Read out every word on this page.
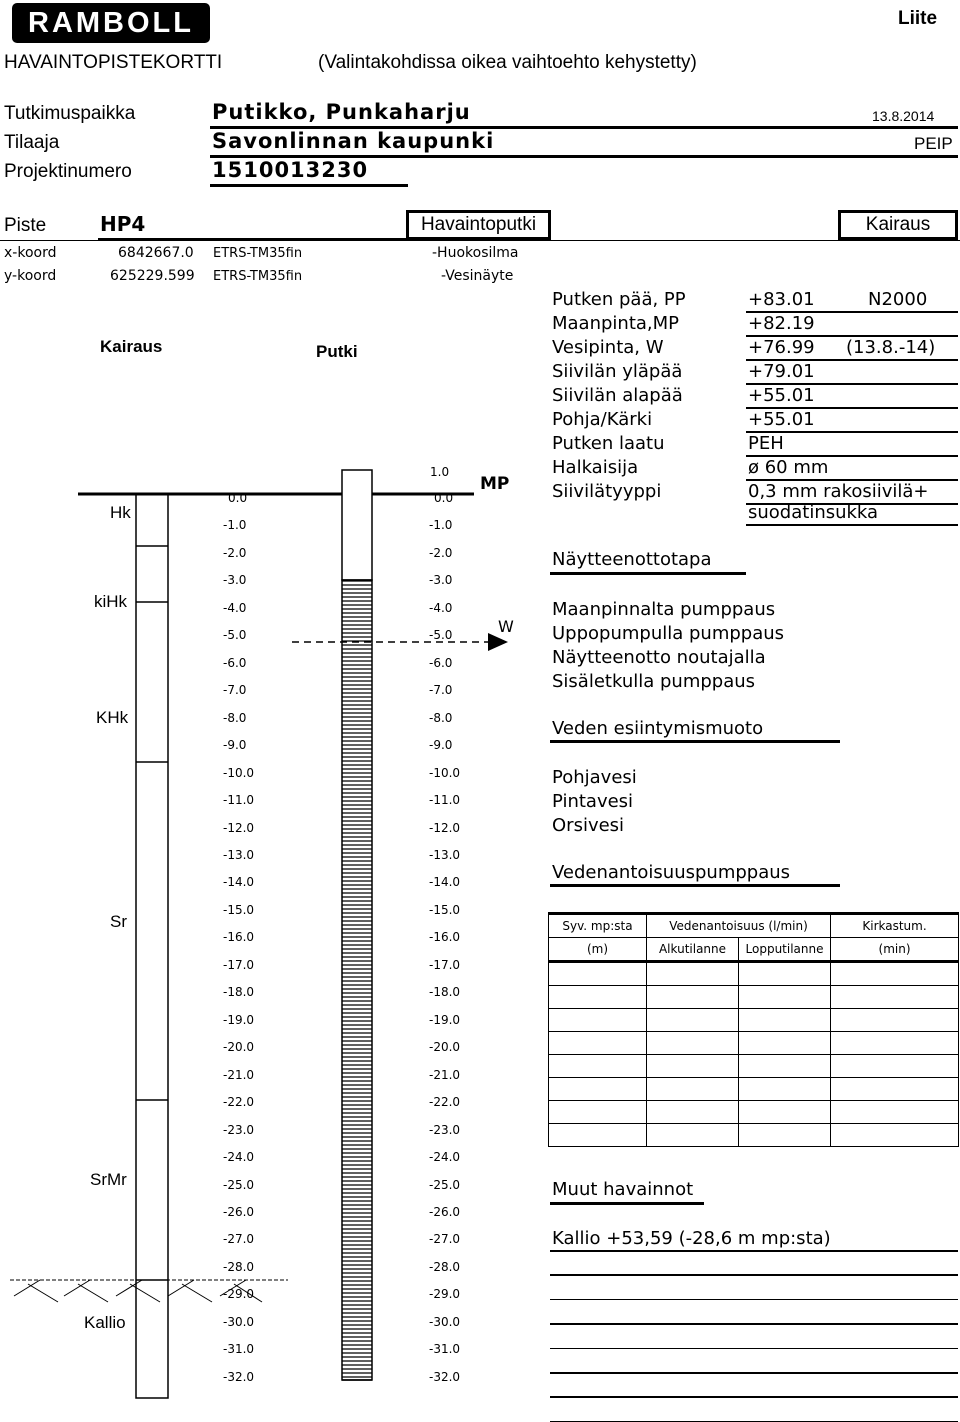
RAMBOLL	Liite
HAVAINTOPISTEKORTTI	(Valintakohdissa oikea vaihtoehto kehystetty)
Tutkimuspaikka	Putikko, Punkaharju	13.8.2014
Tilaaja	Savonlinnan kaupunki	PEIP
Projektinumero	1510013230
Piste	HP4	Havaintoputki	Kairaus
x-koord	6842667.0 ETRS-TM35fin	-Huokosilma
y-koord	625229.599 ETRS-TM35fin	-Vesinäyte
Kairaus	Putki
MP
W
1.0
Hk
kiHk
KHk
Sr
SrMr
Kallio
0.0	0.0
-1.0	-1.0
-2.0	-2.0
-3.0	-3.0
-4.0	-4.0
-5.0	-5.0
-6.0	-6.0
-7.0	-7.0
-8.0	-8.0
-9.0	-9.0
-10.0	-10.0
-11.0	-11.0
-12.0	-12.0
-13.0	-13.0
-14.0	-14.0
-15.0	-15.0
-16.0	-16.0
-17.0	-17.0
-18.0	-18.0
-19.0	-19.0
-20.0	-20.0
-21.0	-21.0
-22.0	-22.0
-23.0	-23.0
-24.0	-24.0
-25.0	-25.0
-26.0	-26.0
-27.0	-27.0
-28.0	-28.0
-29.0	-29.0
-30.0	-30.0
-31.0	-31.0
-32.0	-32.0
Putken pää, PP	+83.01	N2000
Maanpinta,MP	+82.19
Vesipinta, W	+76.99 (13.8.-14)
Siivilän yläpää	+79.01
Siivilän alapää	+55.01
Pohja/Kärki	+55.01
Putken laatu	PEH
Halkaisija	ø 60 mm
Siivilätyyppi	0,3 mm rakosiivilä+
suodatinsukka
Näytteenottotapa
Maanpinnalta pumppaus
Uppopumpulla pumppaus
Näytteenotto noutajalla
Sisäletkulla pumppaus
Veden esiintymismuoto
Pohjavesi
Pintavesi
Orsivesi
Vedenantoisuuspumppaus
Syv. mp:sta	Vedenantoisuus (l/min)		Kirkastum.
(m)	Alkutilanne	Lopputilanne	(min)

Muut havainnot
Kallio +53,59 (-28,6 m mp:sta)
